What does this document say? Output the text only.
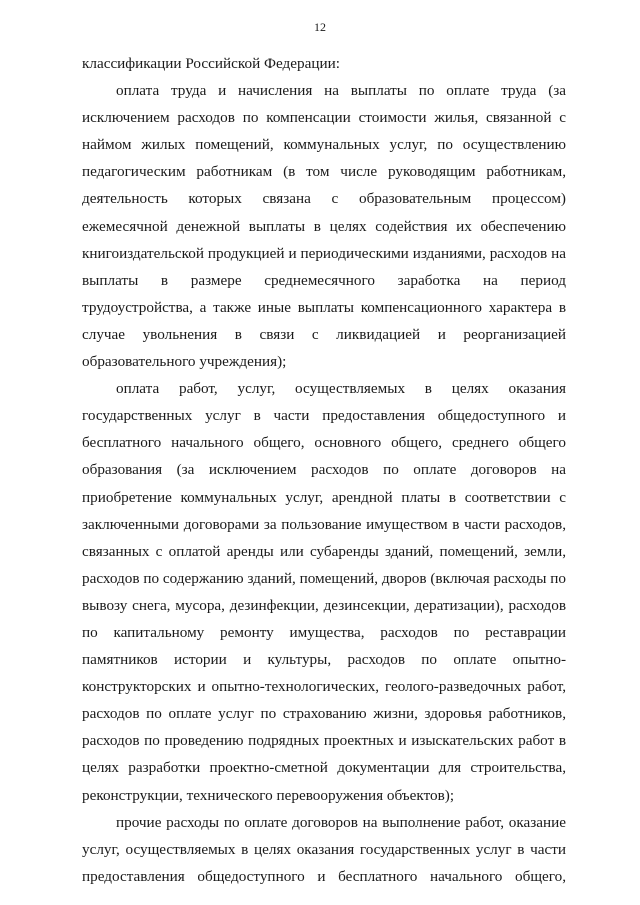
12

классификации Российской Федерации:

оплата труда и начисления на выплаты по оплате труда (за исключением расходов по компенсации стоимости жилья, связанной с наймом жилых помещений, коммунальных услуг, по осуществлению педагогическим работникам (в том числе руководящим работникам, деятельность которых связана с образовательным процессом) ежемесячной денежной выплаты в целях содействия их обеспечению книгоиздательской продукцией и периодическими изданиями, расходов на выплаты в размере среднемесячного заработка на период трудоустройства, а также иные выплаты компенсационного характера в случае увольнения в связи с ликвидацией и реорганизацией образовательного учреждения);

оплата работ, услуг, осуществляемых в целях оказания государственных услуг в части предоставления общедоступного и бесплатного начального общего, основного общего, среднего общего образования (за исключением расходов по оплате договоров на приобретение коммунальных услуг, арендной платы в соответствии с заключенными договорами за пользование имуществом в части расходов, связанных с оплатой аренды или субаренды зданий, помещений, земли, расходов по содержанию зданий, помещений, дворов (включая расходы по вывозу снега, мусора, дезинфекции, дезинсекции, дератизации), расходов по капитальному ремонту имущества, расходов по реставрации памятников истории и культуры, расходов по оплате опытно-конструкторских и опытно-технологических, геолого-разведочных работ, расходов по оплате услуг по страхованию жизни, здоровья работников, расходов по проведению подрядных проектных и изыскательских работ в целях разработки проектно-сметной документации для строительства, реконструкции, технического перевооружения объектов);

прочие расходы по оплате договоров на выполнение работ, оказание услуг, осуществляемых в целях оказания государственных услуг в части предоставления общедоступного и бесплатного начального общего,
